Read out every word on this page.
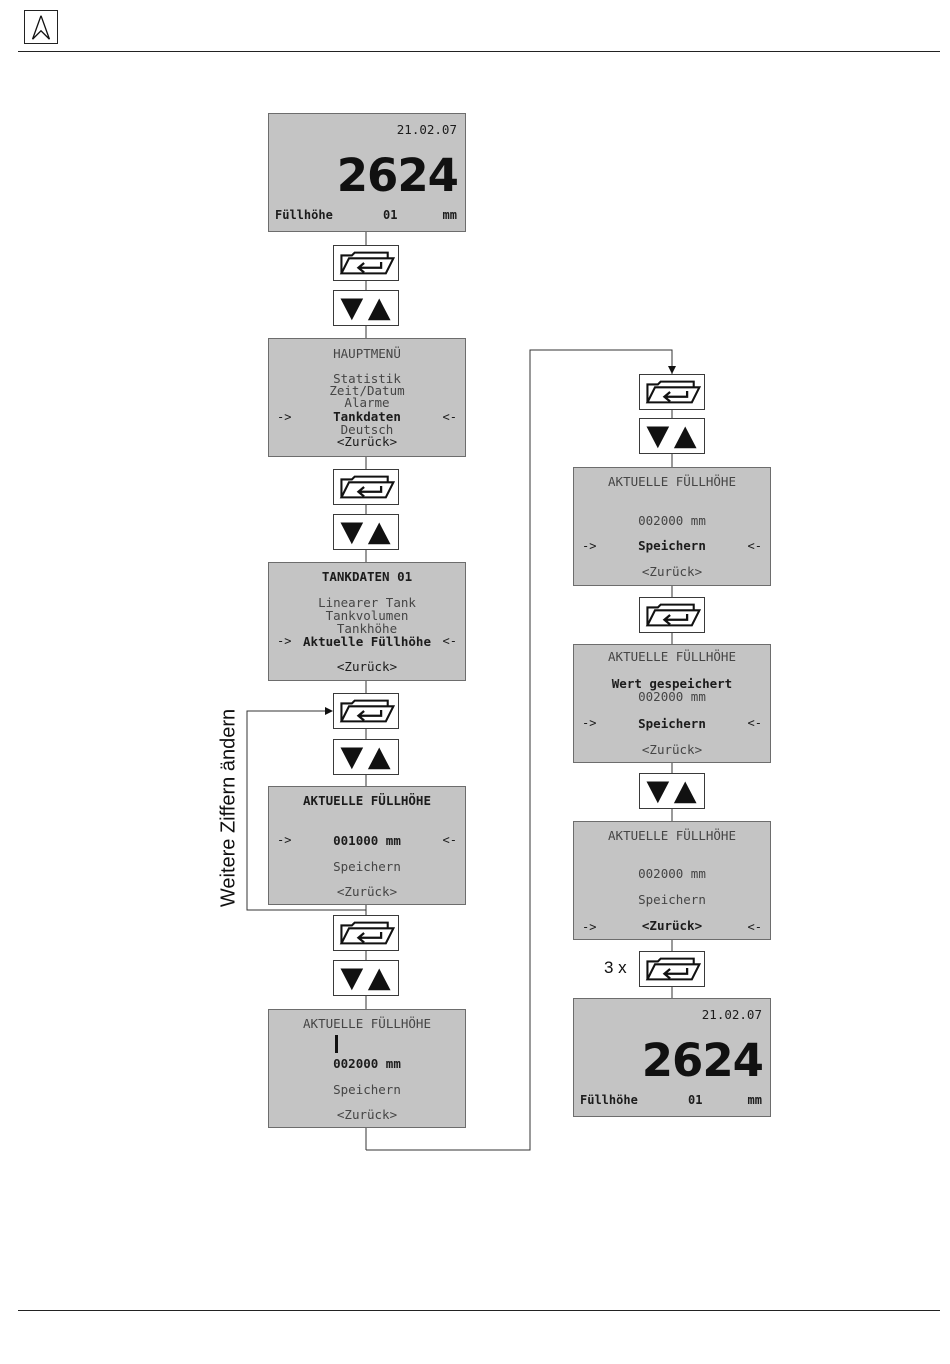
21.02.07
2624
Füllhöhe	01	mm
HAUPTMENÜ
Statistik
Zeit/Datum
Alarme
Tankdaten
Deutsch
<Zurück>
->	<-
TANKDATEN 01
Linearer Tank
Tankvolumen
Tankhöhe
Aktuelle Füllhöhe
<Zurück>
->	<-
AKTUELLE FÜLLHÖHE
001000 mm
Speichern
<Zurück>
->	<-
Weitere Ziffern ändern
AKTUELLE FÜLLHÖHE
002000 mm
Speichern
<Zurück>
AKTUELLE FÜLLHÖHE
002000 mm
Speichern
<Zurück>
->	<-
AKTUELLE FÜLLHÖHE
Wert gespeichert
002000 mm
Speichern
<Zurück>
->	<-
AKTUELLE FÜLLHÖHE
002000 mm
Speichern
<Zurück>
->	<-
3 x
21.02.07
2624
Füllhöhe	01	mm
